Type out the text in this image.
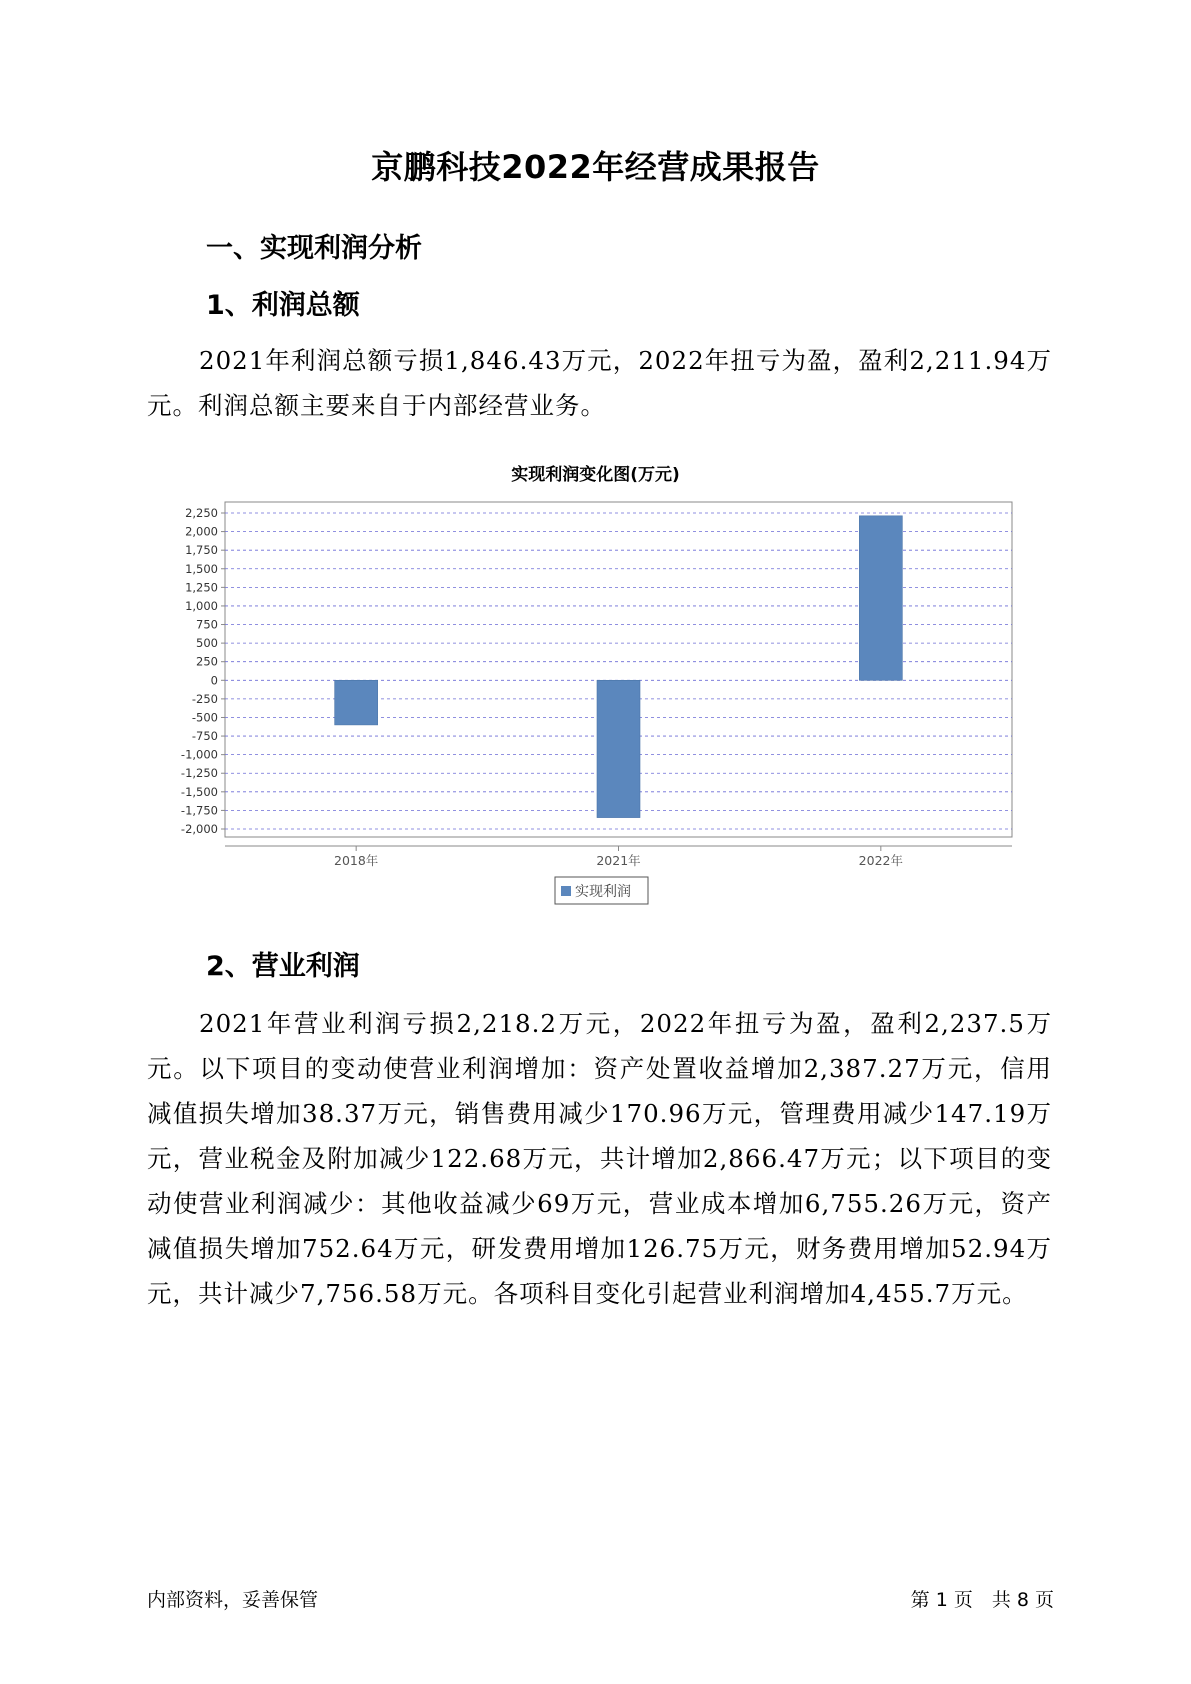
京鹏科技2022年经营成果报告
一、实现利润分析
1、利润总额
2021年利润总额亏损1,846.43万元，2022年扭亏为盈，盈利2,211.94万元。利润总额主要来自于内部经营业务。
实现利润变化图(万元)
2,250
2,000
1,750
1,500
1,250
1,000
750
500
250
0
-250
-500
-750
-1,000
-1,250
-1,500
-1,750
-2,000
2018年	2021年	2022年
实现利润
2、营业利润
2021年营业利润亏损2,218.2万元，2022年扭亏为盈，盈利2,237.5万元。以下项目的变动使营业利润增加：资产处置收益增加2,387.27万元，信用减值损失增加38.37万元，销售费用减少170.96万元，管理费用减少147.19万元，营业税金及附加减少122.68万元，共计增加2,866.47万元；以下项目的变动使营业利润减少：其他收益减少69万元，营业成本增加6,755.26万元，资产减值损失增加752.64万元，研发费用增加126.75万元，财务费用增加52.94万元，共计减少7,756.58万元。各项科目变化引起营业利润增加4,455.7万元。
内部资料，妥善保管	第 1 页　共 8 页
